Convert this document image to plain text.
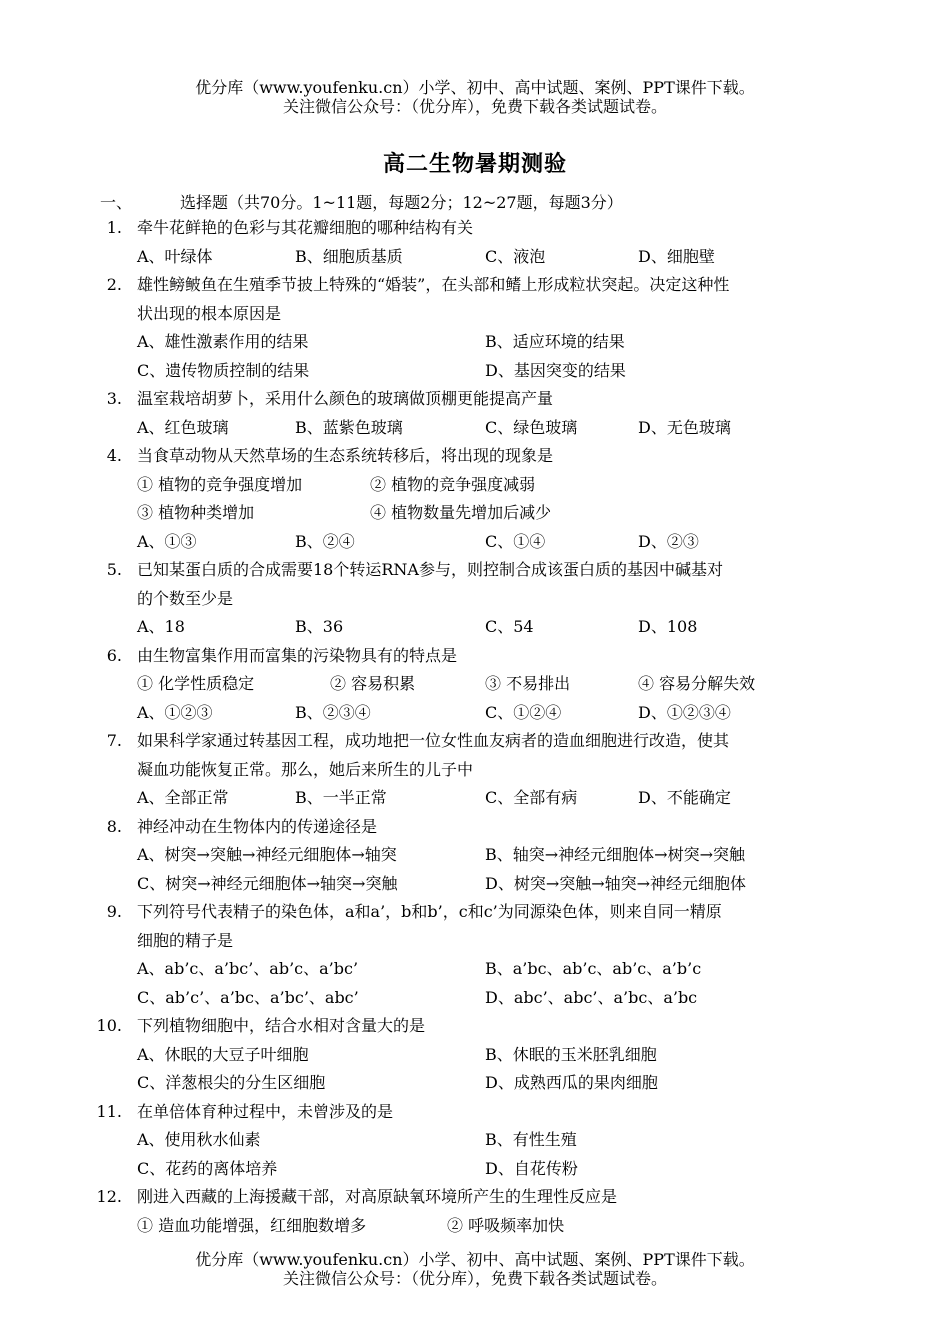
优分库（www.youfenku.cn）小学、初中、高中试题、案例、PPT课件下载。
关注微信公众号：（优分库），免费下载各类试题试卷。
高二生物暑期测验
一、	选择题（共70分。1~11题，每题2分；12~27题，每题3分）
1. 牵牛花鲜艳的色彩与其花瓣细胞的哪种结构有关
A、叶绿体	B、细胞质基质	C、液泡	D、细胞壁
2. 雄性鳑鲏鱼在生殖季节披上特殊的“婚装”，在头部和鳍上形成粒状突起。决定这种性
状出现的根本原因是
A、雄性激素作用的结果	B、适应环境的结果
C、遗传物质控制的结果	D、基因突变的结果
3. 温室栽培胡萝卜，采用什么颜色的玻璃做顶棚更能提高产量
A、红色玻璃	B、蓝紫色玻璃	C、绿色玻璃	D、无色玻璃
4. 当食草动物从天然草场的生态系统转移后，将出现的现象是
① 植物的竞争强度增加	② 植物的竞争强度减弱
③ 植物种类增加	④ 植物数量先增加后减少
A、①③	B、②④	C、①④	D、②③
5. 已知某蛋白质的合成需要18个转运RNA参与，则控制合成该蛋白质的基因中碱基对
的个数至少是
A、18	B、36	C、54	D、108
6. 由生物富集作用而富集的污染物具有的特点是
① 化学性质稳定	② 容易积累	③ 不易排出	④ 容易分解失效
A、①②③	B、②③④	C、①②④	D、①②③④
7. 如果科学家通过转基因工程，成功地把一位女性血友病者的造血细胞进行改造，使其
凝血功能恢复正常。那么，她后来所生的儿子中
A、全部正常	B、一半正常	C、全部有病	D、不能确定
8. 神经冲动在生物体内的传递途径是
A、树突→突触→神经元细胞体→轴突	B、轴突→神经元细胞体→树突→突触
C、树突→神经元细胞体→轴突→突触	D、树突→突触→轴突→神经元细胞体
9. 下列符号代表精子的染色体，a和a’，b和b’，c和c’为同源染色体，则来自同一精原
细胞的精子是
A、ab’c、a’bc’、ab’c、a’bc’	B、a’bc、ab’c、ab’c、a’b’c
C、ab’c’、a’bc、a’bc’、abc’	D、abc’、abc’、a’bc、a’bc
10. 下列植物细胞中，结合水相对含量大的是
A、休眠的大豆子叶细胞	B、休眠的玉米胚乳细胞
C、洋葱根尖的分生区细胞	D、成熟西瓜的果肉细胞
11. 在单倍体育种过程中，未曾涉及的是
A、使用秋水仙素	B、有性生殖
C、花药的离体培养	D、自花传粉
12. 刚进入西藏的上海援藏干部，对高原缺氧环境所产生的生理性反应是
① 造血功能增强，红细胞数增多	② 呼吸频率加快
优分库（www.youfenku.cn）小学、初中、高中试题、案例、PPT课件下载。
关注微信公众号：（优分库），免费下载各类试题试卷。
